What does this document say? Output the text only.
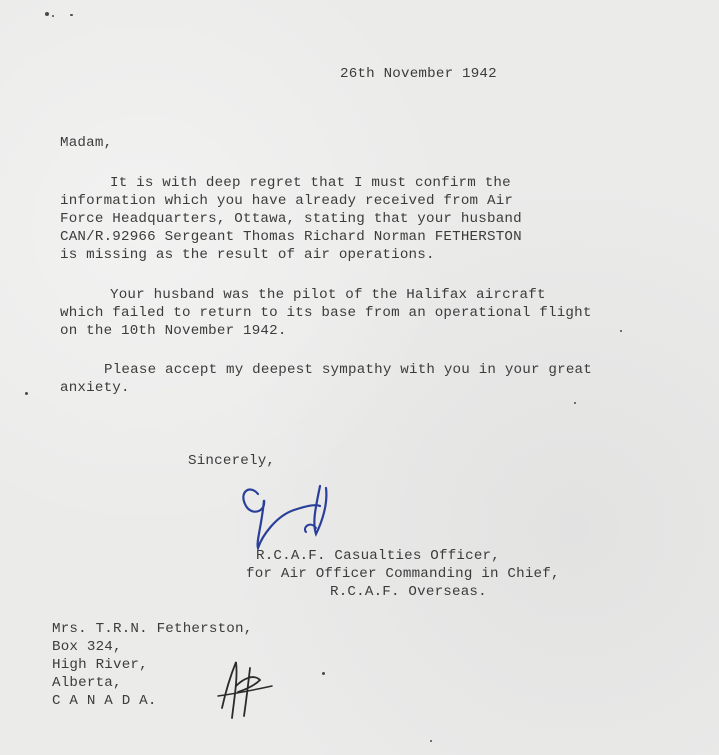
26th November 1942
Madam,
It is with deep regret that I must confirm the
information which you have already received from Air
Force Headquarters, Ottawa, stating that your husband
CAN/R.92966 Sergeant Thomas Richard Norman FETHERSTON
is missing as the result of air operations.
Your husband was the pilot of the Halifax aircraft
which failed to return to its base from an operational flight
on the 10th November 1942.
Please accept my deepest sympathy with you in your great
anxiety.
Sincerely,
R.C.A.F. Casualties Officer,
for Air Officer Commanding in Chief,
R.C.A.F. Overseas.
Mrs. T.R.N. Fetherston,
Box 324,
High River,
Alberta,
C A N A D A.
